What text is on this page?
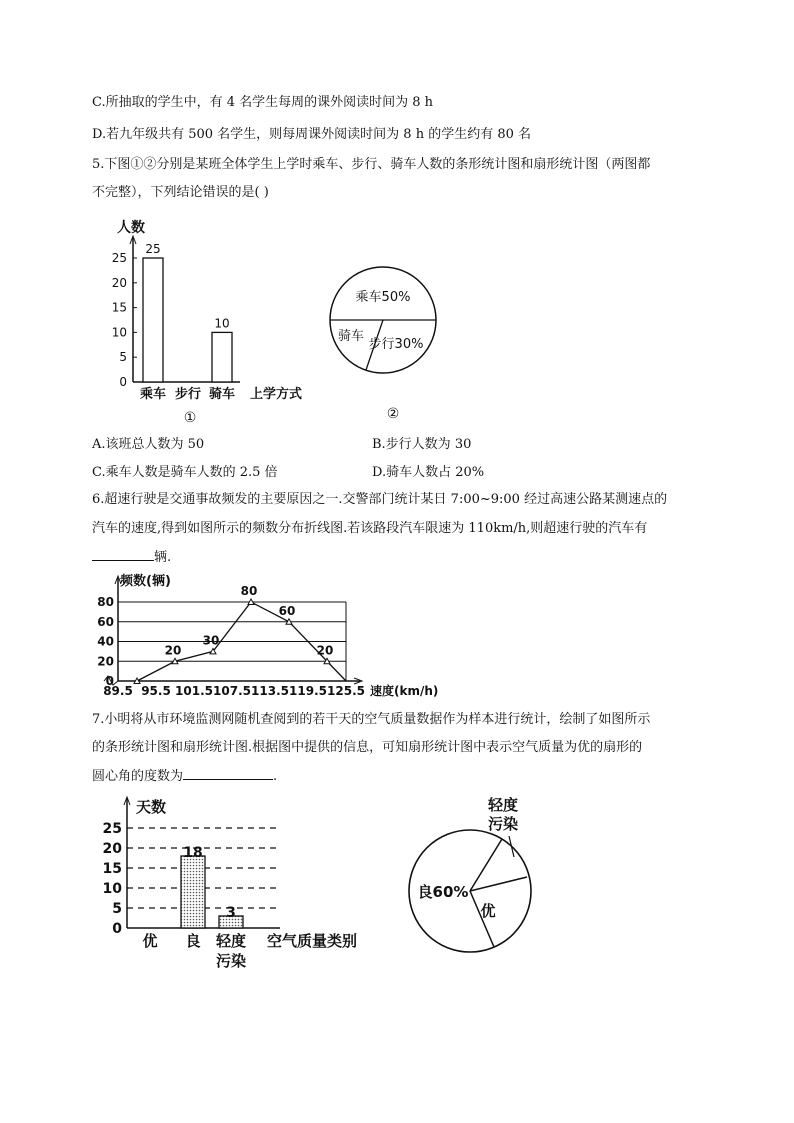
C.所抽取的学生中，有 4 名学生每周的课外阅读时间为 8 h
D.若九年级共有 500 名学生，则每周课外阅读时间为 8 h 的学生约有 80 名
5.下图①②分别是某班全体学生上学时乘车、步行、骑车人数的条形统计图和扇形统计图（两图都
不完整），下列结论错误的是( )
A.该班总人数为 50	B.步行人数为 30
C.乘车人数是骑车人数的 2.5 倍	D.骑车人数占 20%
6.超速行驶是交通事故频发的主要原因之一.交警部门统计某日 7:00~9:00 经过高速公路某测速点的
汽车的速度,得到如图所示的频数分布折线图.若该路段汽车限速为 110km/h,则超速行驶的汽车有
辆.
7.小明将从市环境监测网随机查阅到的若干天的空气质量数据作为样本进行统计，绘制了如图所示
的条形统计图和扇形统计图.根据图中提供的信息，可知扇形统计图中表示空气质量为优的扇形的
圆心角的度数为	.
人数
0
5
10
15
20
25
乘车
25
步行 骑车
10
上学方式
①
乘车50%
骑车
步行30%
②
频数(辆)
0
20
40
60
80
89.5 95.5 101.5 107.5 113.5 119.5 125.5 速度(km/h)
20
30
80
60
20
天数
0
5
10
15
20
25
优 良
18
轻度
污染
3
空气质量类别
良60%
优
轻度
污染
